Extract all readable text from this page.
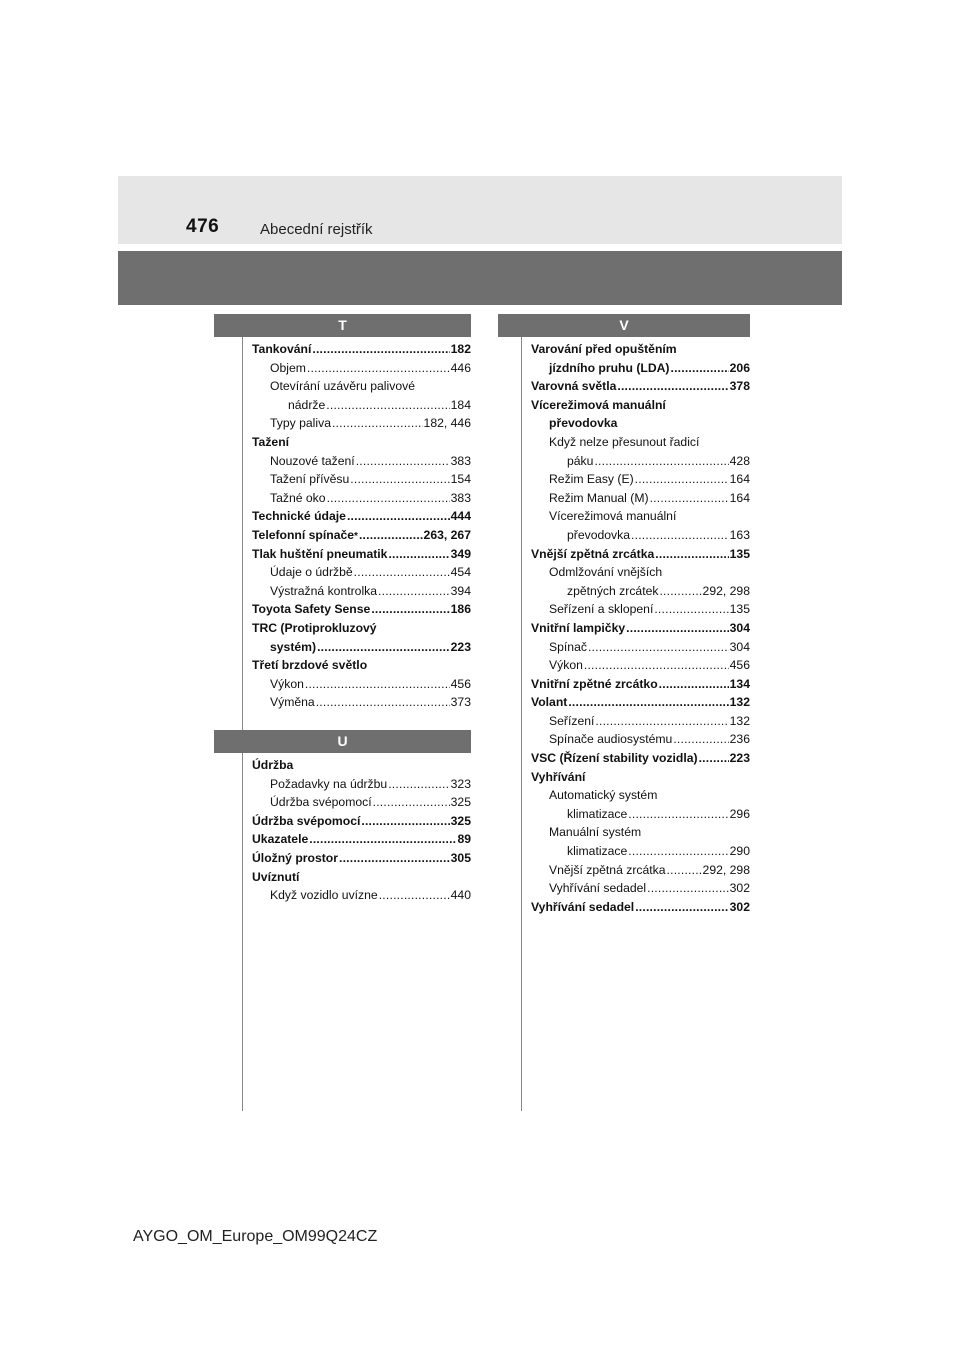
476	Abecední rejstřík
T
Tankování .....	182
Objem .....	446
Otevírání uzávěru palivové
nádrže .....	184
Typy paliva .....	182, 446
Tažení
Nouzové tažení .....	383
Tažení přívěsu .....	154
Tažné oko .....	383
Technické údaje .....	444
Telefonní spínače * .....	263, 267
Tlak huštění pneumatik .....	349
Údaje o údržbě .....	454
Výstražná kontrolka .....	394
Toyota Safety Sense .....	186
TRC (Protiprokluzový
systém) .....	223
Třetí brzdové světlo
Výkon .....	456
Výměna .....	373
U
Údržba
Požadavky na údržbu .....	323
Údržba svépomocí .....	325
Údržba svépomocí .....	325
Ukazatele .....	89
Úložný prostor .....	305
Uvíznutí
Když vozidlo uvízne .....	440
V
Varování před opuštěním
jízdního pruhu (LDA) .....	206
Varovná světla .....	378
Vícerežimová manuální
převodovka
Když nelze přesunout řadicí
páku .....	428
Režim Easy (E) .....	164
Režim Manual (M) .....	164
Vícerežimová manuální
převodovka .....	163
Vnější zpětná zrcátka .....	135
Odmlžování vnějších
zpětných zrcátek .....	292, 298
Seřízení a sklopení .....	135
Vnitřní lampičky .....	304
Spínač .....	304
Výkon .....	456
Vnitřní zpětné zrcátko .....	134
Volant .....	132
Seřízení .....	132
Spínače audiosystému .....	236
VSC (Řízení stability vozidla) .....	223
Vyhřívání
Automatický systém
klimatizace .....	296
Manuální systém
klimatizace .....	290
Vnější zpětná zrcátka .....	292, 298
Vyhřívání sedadel .....	302
Vyhřívání sedadel .....	302
AYGO_OM_Europe_OM99Q24CZ
